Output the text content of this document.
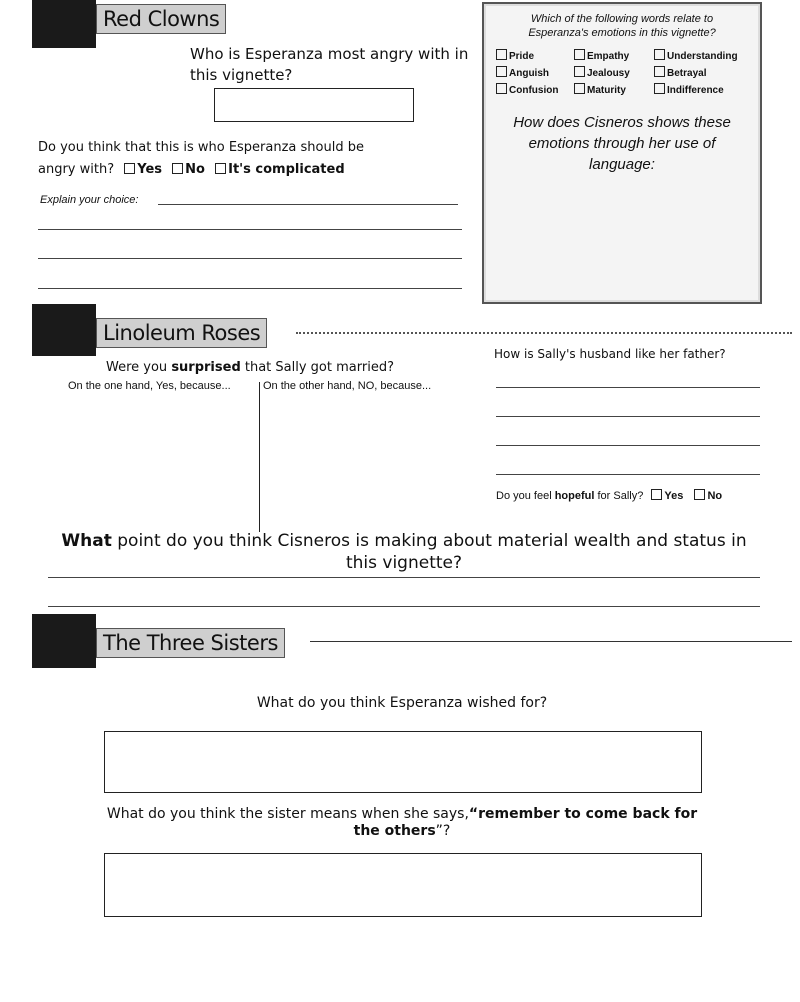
Red Clowns
Who is Esperanza most angry with in this vignette?
Do you think that this is who Esperanza should be
angry with? Yes No It's complicated
Explain your choice:
Which of the following words relate to
Esperanza's emotions in this vignette?
Pride	Empathy	Understanding
Anguish	Jealousy	Betrayal
Confusion	Maturity	Indifference
How does Cisneros shows these emotions through her use of language:
Linoleum Roses
Were you surprised that Sally got married?
On the one hand, Yes, because...	On the other hand, NO, because...
How is Sally's husband like her father?
Do you feel hopeful for Sally? Yes No
What point do you think Cisneros is making about material wealth and status in this vignette?
The Three Sisters
What do you think Esperanza wished for?
What do you think the sister means when she says,“remember to come back for the others”?
